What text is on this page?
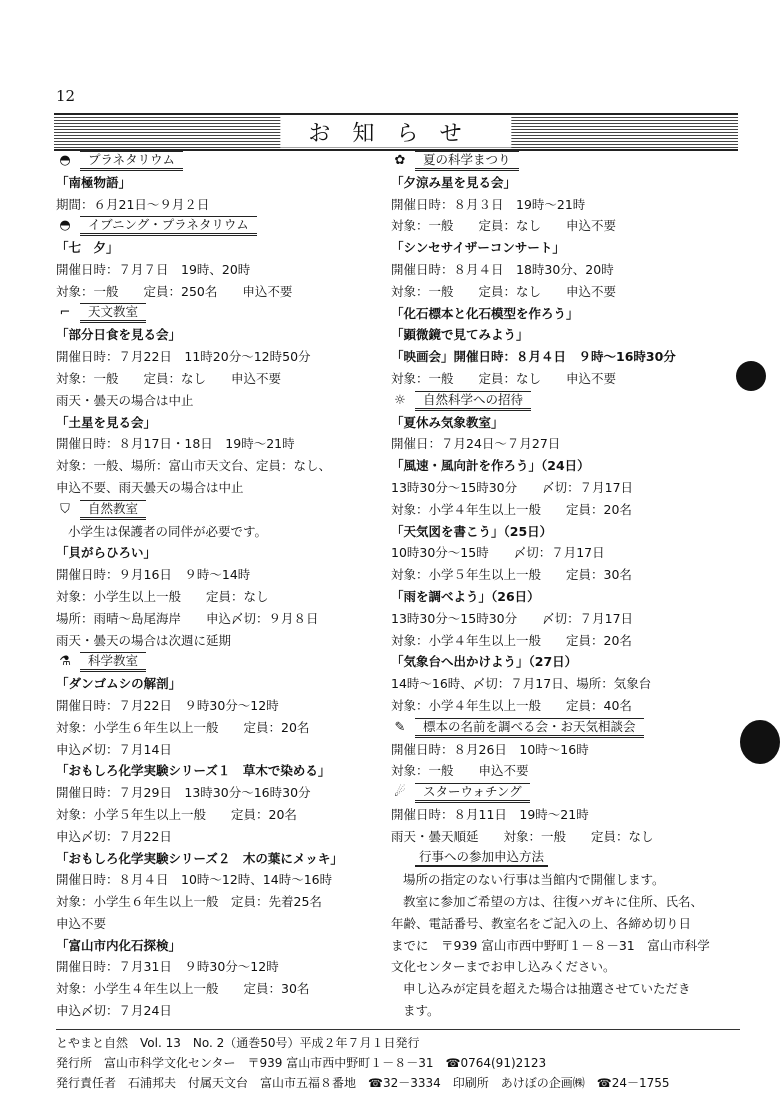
12
お知らせ
◓	プラネタリウム
「南極物語」
期間：６月21日～９月２日
◓	イブニング・プラネタリウム
「七　夕」
開催日時：７月７日　19時、20時
対象：一般　　定員：250名　　申込不要
⌐	天文教室
「部分日食を見る会」
開催日時：７月22日　11時20分～12時50分
対象：一般　　定員：なし　　申込不要
雨天・曇天の場合は中止
「土星を見る会」
開催日時：８月17日・18日　19時～21時
対象：一般、場所：富山市天文台、定員：なし、
申込不要、雨天曇天の場合は中止
⛉	自然教室
小学生は保護者の同伴が必要です。
「貝がらひろい」
開催日時：９月16日　９時～14時
対象：小学生以上一般　　定員：なし
場所：雨晴～島尾海岸　　申込〆切：９月８日
雨天・曇天の場合は次週に延期
⚗	科学教室
「ダンゴムシの解剖」
開催日時：７月22日　９時30分～12時
対象：小学生６年生以上一般　　定員：20名
申込〆切：７月14日
「おもしろ化学実験シリーズ１　草木で染める」
開催日時：７月29日　13時30分～16時30分
対象：小学５年生以上一般　　定員：20名
申込〆切：７月22日
「おもしろ化学実験シリーズ２　木の葉にメッキ」
開催日時：８月４日　10時～12時、14時～16時
対象：小学生６年生以上一般　定員：先着25名
申込不要
「富山市内化石探検」
開催日時：７月31日　９時30分～12時
対象：小学生４年生以上一般　　定員：30名
申込〆切：７月24日
✿	夏の科学まつり
「夕涼み星を見る会」
開催日時：８月３日　19時～21時
対象：一般　　定員：なし　　申込不要
「シンセサイザーコンサート」
開催日時：８月４日　18時30分、20時
対象：一般　　定員：なし　　申込不要
「化石標本と化石模型を作ろう」
「顕微鏡で見てみよう」
「映画会」開催日時：８月４日　９時～16時30分
対象：一般　　定員：なし　　申込不要
☼	自然科学への招待
「夏休み気象教室」
開催日：７月24日～７月27日
「風速・風向計を作ろう」（24日）
13時30分～15時30分　　〆切：７月17日
対象：小学４年生以上一般　　定員：20名
「天気図を書こう」（25日）
10時30分～15時　　〆切：７月17日
対象：小学５年生以上一般　　定員：30名
「雨を調べよう」（26日）
13時30分～15時30分　　〆切：７月17日
対象：小学４年生以上一般　　定員：20名
「気象台へ出かけよう」（27日）
14時～16時、〆切：７月17日、場所：気象台
対象：小学４年生以上一般　　定員：40名
✎	標本の名前を調べる会・お天気相談会
開催日時：８月26日　10時～16時
対象：一般　　申込不要
☄	スターウォチング
開催日時：８月11日　19時～21時
雨天・曇天順延　　対象：一般　　定員：なし
行事への参加申込方法
場所の指定のない行事は当館内で開催します。
教室に参加ご希望の方は、往復ハガキに住所、氏名、
年齢、電話番号、教室名をご記入の上、各締め切り日
までに　〒939 富山市西中野町１－８－31　富山市科学
文化センターまでお申し込みください。
申し込みが定員を超えた場合は抽選させていただき
ます。
とやまと自然　Vol. 13　No. 2（通巻50号）平成２年７月１日発行
発行所　富山市科学文化センター　〒939 富山市西中野町１－８－31　☎0764(91)2123
発行責任者　石浦邦夫　付属天文台　富山市五福８番地　☎32－3334　印刷所　あけぼの企画㈱　☎24－1755
